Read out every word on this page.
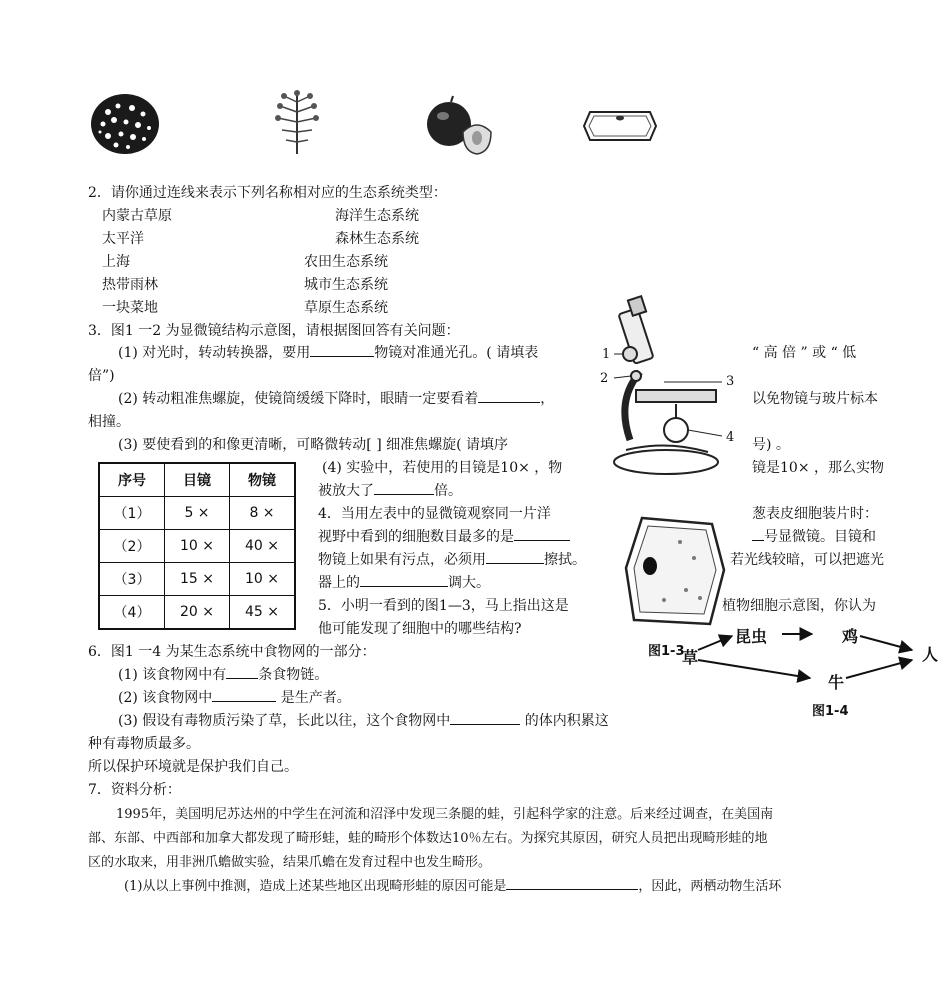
2．请你通过连线来表示下列名称相对应的生态系统类型：
内蒙古草原	海洋生态系统
太平洋	森林生态系统
上海	农田生态系统
热带雨林	城市生态系统
一块菜地	草原生态系统
1
2	3
4
3．图1 一2 为显微镜结构示意图，请根据图回答有关问题：
(1) 对光时，转动转换器，要用	物镜对准通光孔。( 请填表	“ 高 倍 ” 或 “ 低
倍”)
(2) 转动粗准焦螺旋，使镜筒缓缓下降时，眼睛一定要看着	，	以免物镜与玻片标本
相撞。
(3) 要使看到的和像更清晰，可略微转动[ ] 细准焦螺旋( 请填序	号) 。
序号	目镜	物镜
（1）	5 ×	8 ×
（2）	10 ×	40 ×
（3）	15 ×	10 ×
（4）	20 ×	45 ×
(4) 实验中，若使用的目镜是10× ，物	镜是10× ，那么实物
被放大了	倍。
4．当用左表中的显微镜观察同一片洋	葱表皮细胞装片时：
视野中看到的细胞数目最多的是	号显微镜。目镜和
物镜上如果有污点，必须用	擦拭。	若光线较暗，可以把遮光
器上的	调大。
5．小明一看到的图1—3，马上指出这是	植物细胞示意图，你认为
他可能发现了细胞中的哪些结构?
图1-3
草
昆虫	鸡
人
牛
图1-4
6．图1 一4 为某生态系统中食物网的一部分：
(1) 该食物网中有 条食物链。
(2) 该食物网中	是生产者。
(3) 假设有毒物质污染了草，长此以往，这个食物网中	的体内积累这
种有毒物质最多。
所以保护环境就是保护我们自己。
7．资料分析：
1995年，美国明尼苏达州的中学生在河流和沼泽中发现三条腿的蛙，引起科学家的注意。后来经过调查，在美国南
部、东部、中西部和加拿大都发现了畸形蛙，蛙的畸形个体数达10％左右。为探究其原因，研究人员把出现畸形蛙的地
区的水取来，用非洲爪蟾做实验，结果爪蟾在发育过程中也发生畸形。
(1)从以上事例中推测，造成上述某些地区出现畸形蛙的原因可能是	，因此，两栖动物生活环
